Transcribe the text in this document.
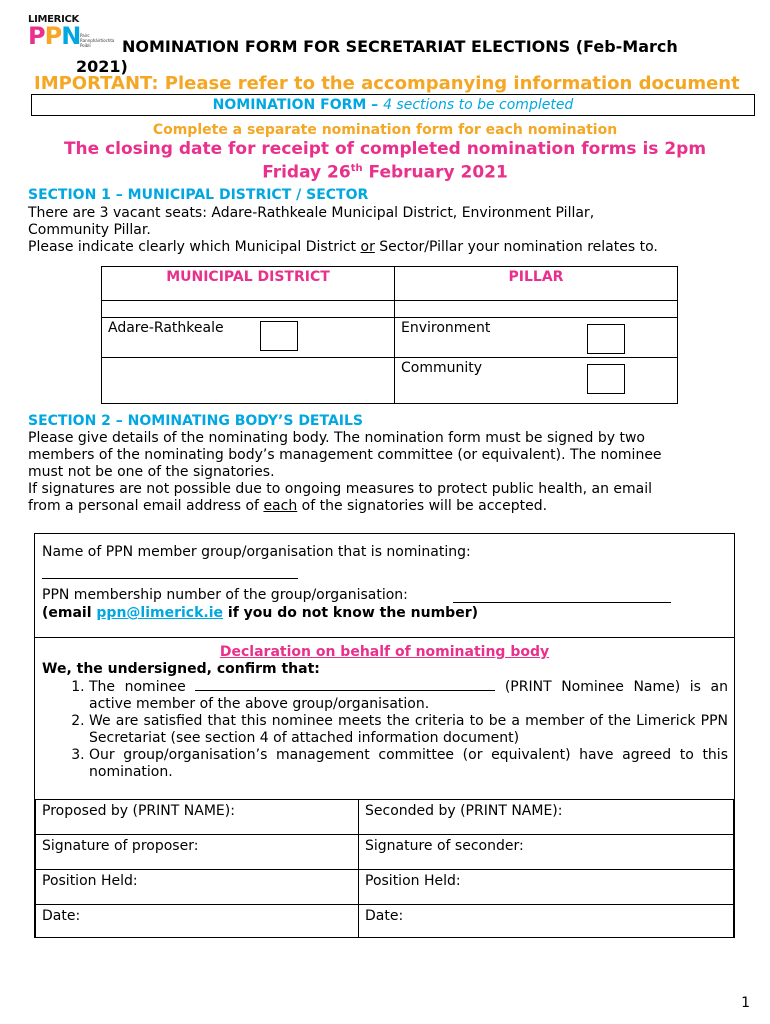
LIMERICK
PPN Pairc Rannpháirtíochta Poiblí	NOMINATION FORM FOR SECRETARIAT ELECTIONS (Feb-March
2021)
IMPORTANT: Please refer to the accompanying information document
NOMINATION FORM – 4 sections to be completed
Complete a separate nomination form for each nomination
The closing date for receipt of completed nomination forms is 2pm
Friday 26th February 2021
SECTION 1 – MUNICIPAL DISTRICT / SECTOR
There are 3 vacant seats: Adare-Rathkeale Municipal District, Environment Pillar,
Community Pillar.
Please indicate clearly which Municipal District or Sector/Pillar your nomination relates to.
MUNICIPAL DISTRICT	PILLAR

Adare-Rathkeale	Environment

	Community
SECTION 2 – NOMINATING BODY’S DETAILS
Please give details of the nominating body. The nomination form must be signed by two
members of the nominating body’s management committee (or equivalent). The nominee
must not be one of the signatories.
If signatures are not possible due to ongoing measures to protect public health, an email
from a personal email address of each of the signatories will be accepted.
Name of PPN member group/organisation that is nominating:
PPN membership number of the group/organisation:
(email ppn@limerick.ie if you do not know the number)
Declaration on behalf of nominating body
We, the undersigned, confirm that:
1. The nominee	(PRINT Nominee Name) is an active member of the above group/organisation.
2. We are satisfied that this nominee meets the criteria to be a member of the Limerick PPN Secretariat (see section 4 of attached information document)
3. Our group/organisation’s management committee (or equivalent) have agreed to this nomination.
Proposed by (PRINT NAME):	Seconded by (PRINT NAME):
Signature of proposer:	Signature of seconder:
Position Held:	Position Held:
Date:	Date:
1
